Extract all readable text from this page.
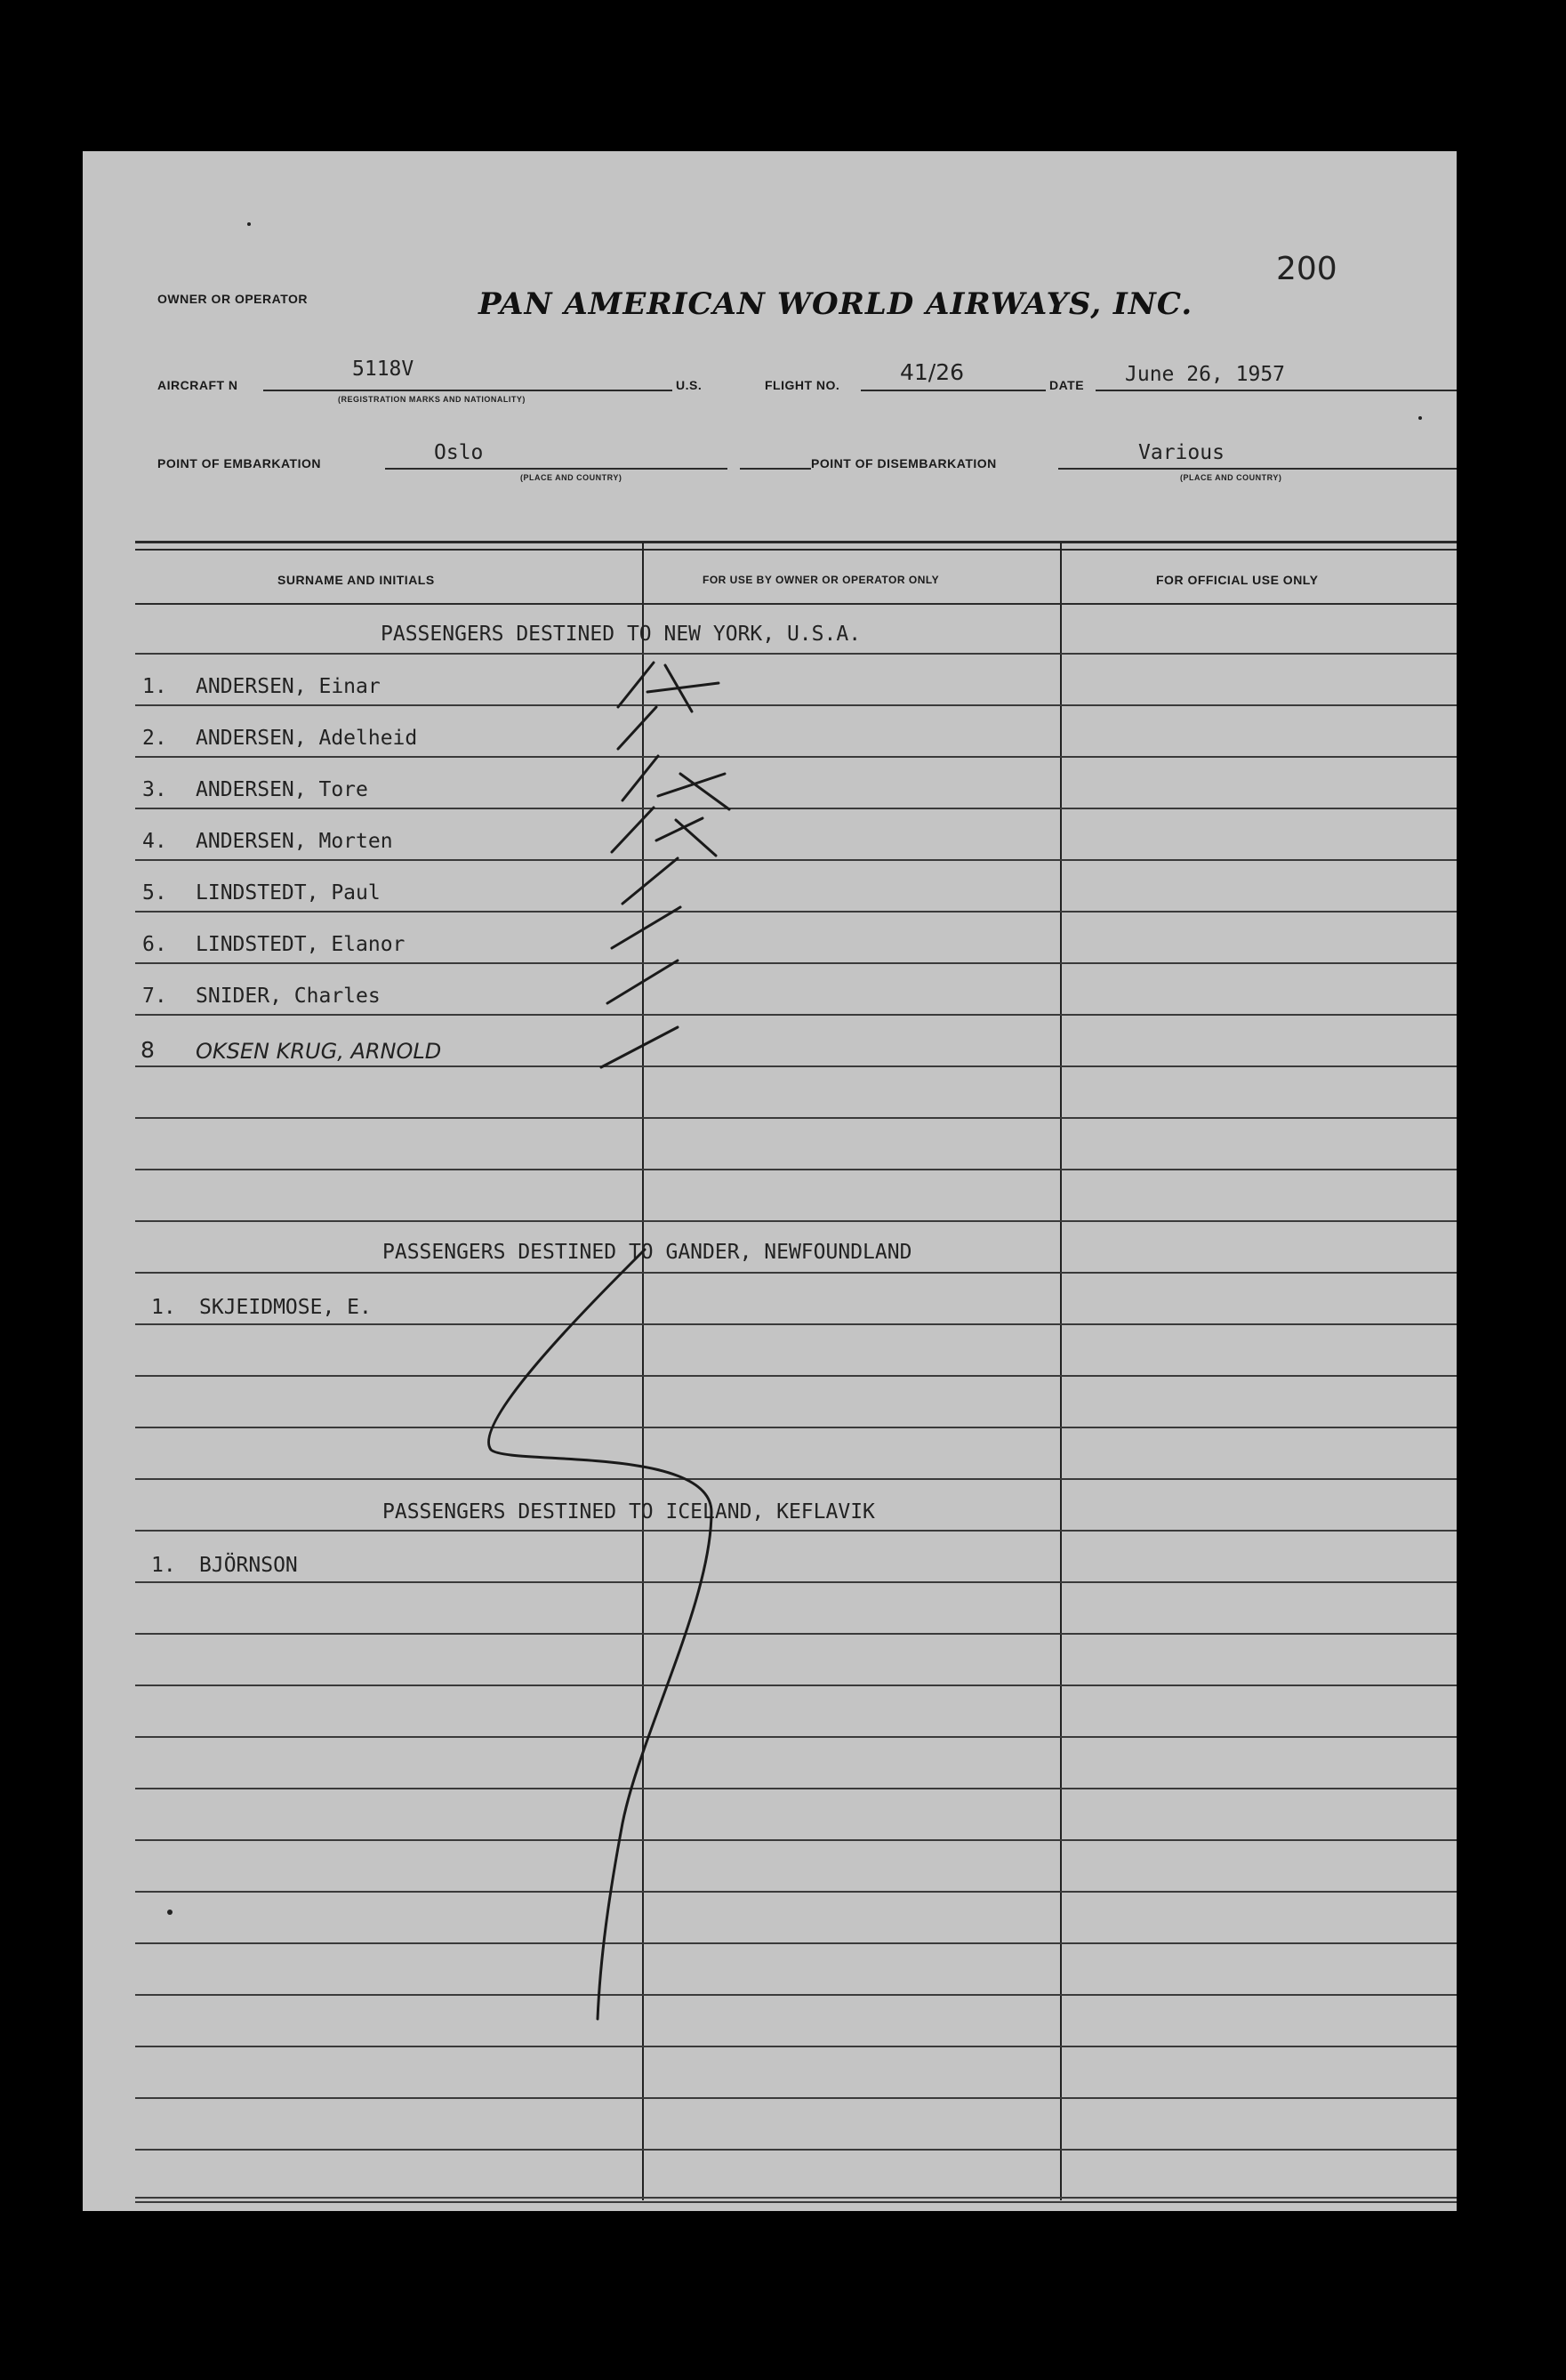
200
OWNER OR OPERATOR	PAN AMERICAN WORLD AIRWAYS, INC.
AIRCRAFT N
5118V
(REGISTRATION MARKS AND NATIONALITY)
U.S.	FLIGHT NO.	41/26	DATE June 26, 1957
POINT OF EMBARKATION	Oslo
(PLACE AND COUNTRY)
POINT OF DISEMBARKATION	Various
(PLACE AND COUNTRY)
SURNAME AND INITIALS	FOR USE BY OWNER OR OPERATOR ONLY	FOR OFFICIAL USE ONLY
PASSENGERS DESTINED TO NEW YORK, U.S.A.
1. ANDERSEN, Einar
2. ANDERSEN, Adelheid
3. ANDERSEN, Tore
4. ANDERSEN, Morten
5. LINDSTEDT, Paul
6. LINDSTEDT, Elanor
7. SNIDER, Charles
8 OKSEN KRUG, ARNOLD
PASSENGERS DESTINED TO GANDER, NEWFOUNDLAND
1. SKJEIDMOSE, E.
PASSENGERS DESTINED TO ICELAND, KEFLAVIK
1. BJÖRNSON
